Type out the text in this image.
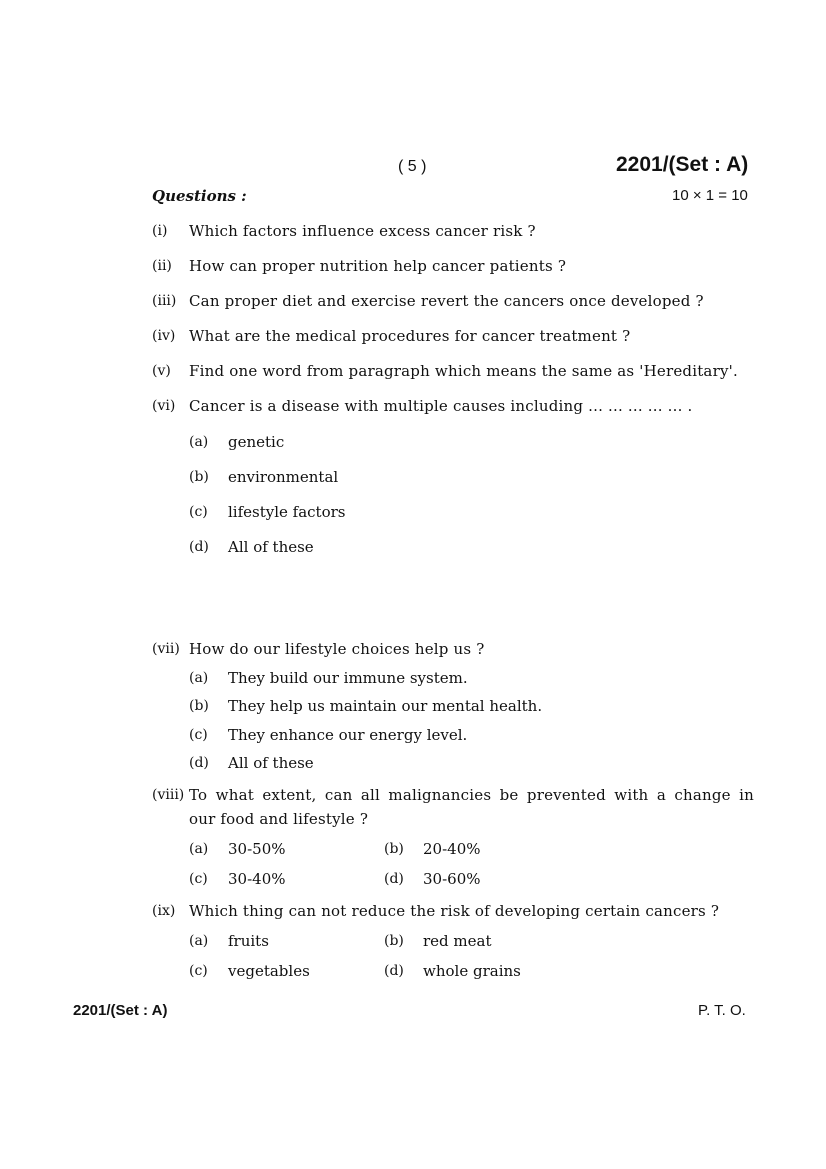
( 5 )	2201/(Set : A)
Questions :	10 × 1 = 10
(i) Which factors influence excess cancer risk ?
(ii) How can proper nutrition help cancer patients ?
(iii) Can proper diet and exercise revert the cancers once developed ?
(iv) What are the medical procedures for cancer treatment ?
(v) Find one word from paragraph which means the same as 'Hereditary'.
(vi) Cancer is a disease with multiple causes including ... ... ... ... ... .
(a) genetic
(b) environmental
(c) lifestyle factors
(d) All of these
(vii) How do our lifestyle choices help us ?
(a) They build our immune system.
(b) They help us maintain our mental health.
(c) They enhance our energy level.
(d) All of these
(viii) To what extent, can all malignancies be prevented with a change in
our food and lifestyle ?
(a) 30-50%	(b) 20-40%
(c) 30-40%	(d) 30-60%
(ix) Which thing can not reduce the risk of developing certain cancers ?
(a) fruits	(b) red meat
(c) vegetables	(d) whole grains
2201/(Set : A)	P. T. O.
